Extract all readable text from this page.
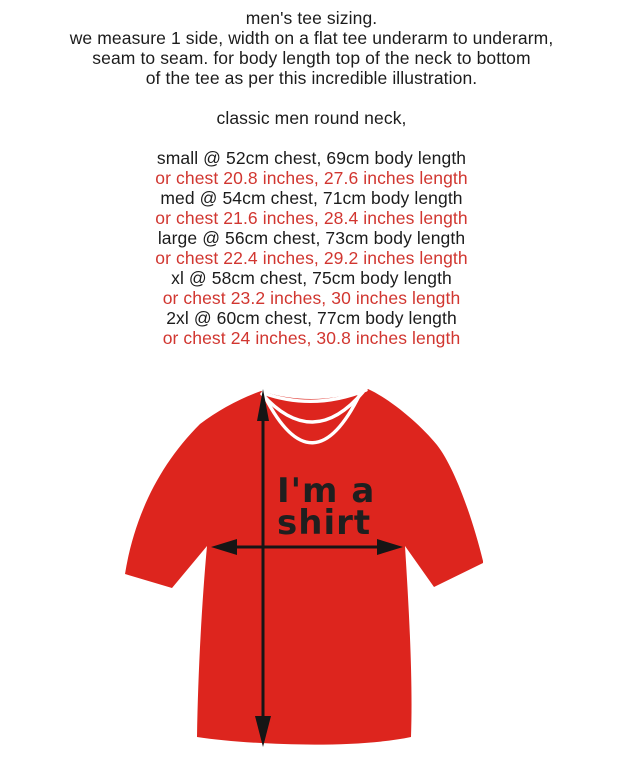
men's tee sizing.
we measure 1 side, width on a flat tee underarm to underarm,
seam to seam. for body length top of the neck to bottom
of the tee as per this incredible illustration.
classic men round neck,
small @ 52cm chest, 69cm body length
or chest 20.8 inches, 27.6 inches length
med @ 54cm chest, 71cm body length
or chest 21.6 inches, 28.4 inches length
large @ 56cm chest, 73cm body length
or chest 22.4 inches, 29.2 inches length
xl @ 58cm chest, 75cm body length
or chest 23.2 inches, 30 inches length
2xl @ 60cm chest, 77cm body length
or chest 24 inches, 30.8 inches length
I'm a
shirt
